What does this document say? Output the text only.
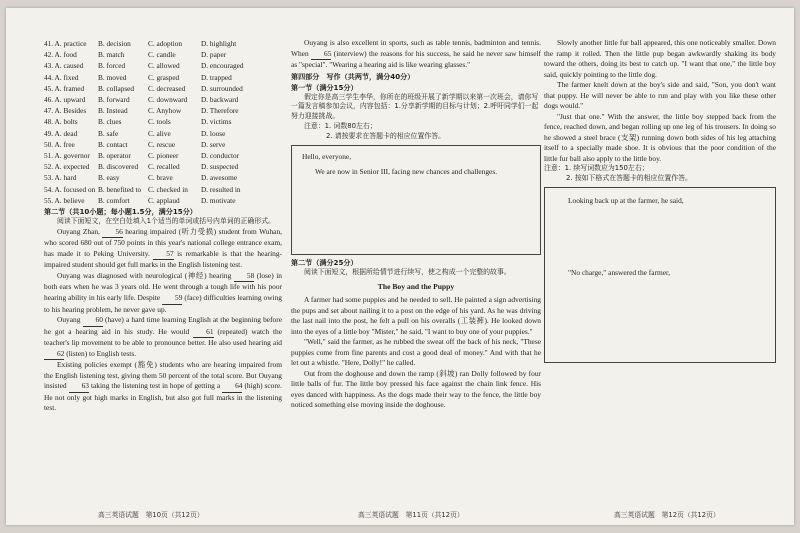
41. A. practice	B. decision	C. adoption	D. highlight
42. A. food	B. match	C. candle	D. paper
43. A. caused	B. forced	C. allowed	D. encouraged
44. A. fixed	B. moved	C. grasped	D. trapped
45. A. framed	B. collapsed	C. decreased	D. surrounded
46. A. upward	B. forward	C. downward	D. backward
47. A. Besides	B. Instead	C. Anyhow	D. Therefore
48. A. bolts	B. clues	C. tools	D. victims
49. A. dead	B. safe	C. alive	D. loose
50. A. free	B. contact	C. rescue	D. serve
51. A. governor	B. operator	C. pioneer	D. conductor
52. A. expected	B. discovered	C. recalled	D. suspected
53. A. hard	B. easy	C. brave	D. awesome
54. A. focused on	B. benefited to	C. checked in	D. resulted in
55. A. believe	B. comfort	C. applaud	D. motivate
第二节（共10小题；每小题1.5分，满分15分）
阅读下面短文，在空白处填入1个适当的单词或括号内单词的正确形式。

Ouyang Zhan, 56 hearing impaired (听力受损) student from Wuhan, who scored 680 out of 750 points in this year's national college entrance exam, has made it to Peking University. 57 is remarkable is that the hearing-impaired student should get full marks in the English listening test.

Ouyang was diagnosed with neurological (神经) hearing 58 (lose) in both ears when he was 3 years old. He went through a tough life with his poor hearing ability in his early life. Despite 59 (face) difficulties learning owing to his hearing problem, he never gave up.

Ouyang 60 (have) a hard time learning English at the beginning before he got a hearing aid in his study. He would 61 (repeated) watch the teacher's lip movement to be able to pronounce better. He also used hearing aid 62 (listen) to English tests.

Existing policies exempt (豁免) students who are hearing impaired from the English listening test, giving them 50 percent of the total score. But Ouyang insisted 63 taking the listening test in hope of getting a 64 (high) score. He not only got high marks in English, but also got full marks in the listening test.

高三英语试题　第10页（共12页）

Ouyang is also excellent in sports, such as table tennis, badminton and tennis. When 65 (interview) the reasons for his success, he said he never saw himself as "special". "Wearing a hearing aid is like wearing glasses."

第四部分　写作（共两节，满分40分）
第一节（满分15分）
假定你是高三学生李华，你所在的班级开展了新学期以来第一次班会，请你写一篇发言稿参加会议，内容包括：1.分享新学期的目标与计划；2.呼吁同学们一起努力迎接挑战。
注意：1. 词数80左右；
2. 请按要求在答题卡的相应位置作答。
Hello, everyone,
We are now in Senior III, facing new chances and challenges.
第二节（满分25分）
阅读下面短文，根据所给情节进行续写，使之构成一个完整的故事。
The Boy and the Puppy

A farmer had some puppies and he needed to sell. He painted a sign advertising the pups and set about nailing it to a post on the edge of his yard. As he was driving the last nail into the post, he felt a pull on his overalls (工装裤). He looked down into the eyes of a little boy "Mister," he said, "I want to buy one of your puppies."

"Well," said the farmer, as he rubbed the sweat off the back of his neck, "These puppies come from fine parents and cost a good deal of money." And with that he let out a whistle. "Here, Dolly!" he called.

Out from the doghouse and down the ramp (斜坡) ran Dolly followed by four little balls of fur. The little boy pressed his face against the chain link fence. His eyes danced with happiness. As the dogs made their way to the fence, the little boy noticed something else moving inside the doghouse.

高三英语试题　第11页（共12页）

Slowly another little fur ball appeared, this one noticeably smaller. Down the ramp it rolled. Then the little pup began awkwardly shaking its body toward the others, doing its best to catch up. "I want that one," the little boy said, quickly pointing to the little dog.

The farmer knelt down at the boy's side and said, "Son, you don't want that puppy. He will never be able to run and play with you like these other dogs would."

"Just that one." With the answer, the little boy stepped back from the fence, reached down, and began rolling up one leg of his trousers. In doing so he showed a steel brace (支架) running down both sides of his leg attaching itself to a specially made shoe. It is obvious that the poor condition of the little fur ball also apply to the little boy.

注意：1. 续写词数应为150左右；
2. 按如下格式在答题卡的相应位置作答。
Looking back up at the farmer, he said,
"No charge," answered the farmer,
高三英语试题　第12页（共12页）
